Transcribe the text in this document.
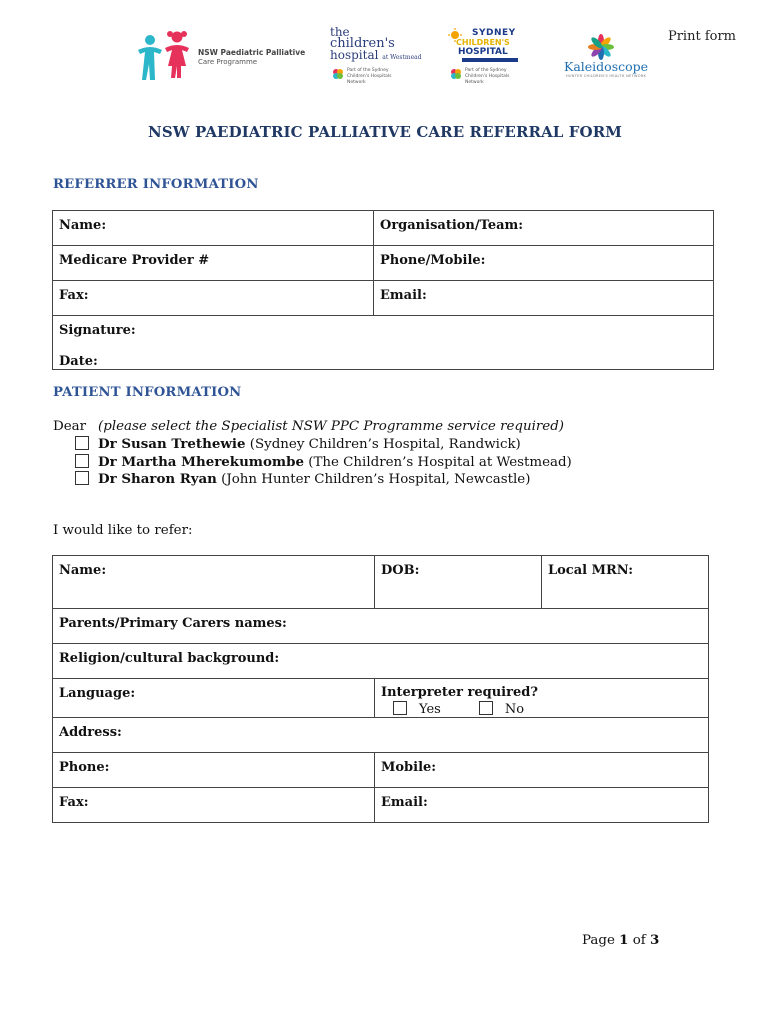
Print form
NSW Paediatric Palliative
Care Programme
the
children's
hospital at Westmead
Part of the Sydney Children's Hospitals Network
SYDNEY
CHILDREN'S
HOSPITAL
Part of the Sydney Children's Hospitals Network
Kaleidoscope
HUNTER CHILDREN'S HEALTH NETWORK
NSW PAEDIATRIC PALLIATIVE CARE REFERRAL FORM
REFERRER INFORMATION
Name:	Organisation/Team:
Medicare Provider #	Phone/Mobile:
Fax:	Email:

Signature:
Date:	
PATIENT INFORMATION
Dear (please select the Specialist NSW PPC Programme service required)
Dr Susan Trethewie (Sydney Children’s Hospital, Randwick)
Dr Martha Mherekumombe (The Children’s Hospital at Westmead)
Dr Sharon Ryan (John Hunter Children’s Hospital, Newcastle)
I would like to refer:
Name:	DOB:	Local MRN:
Parents/Primary Carers names:		
Religion/cultural background:		
Language:	Interpreter required?
Yes No	

Address:		
Phone:	Mobile:	
Fax:	Email:	
Page 1 of 3
